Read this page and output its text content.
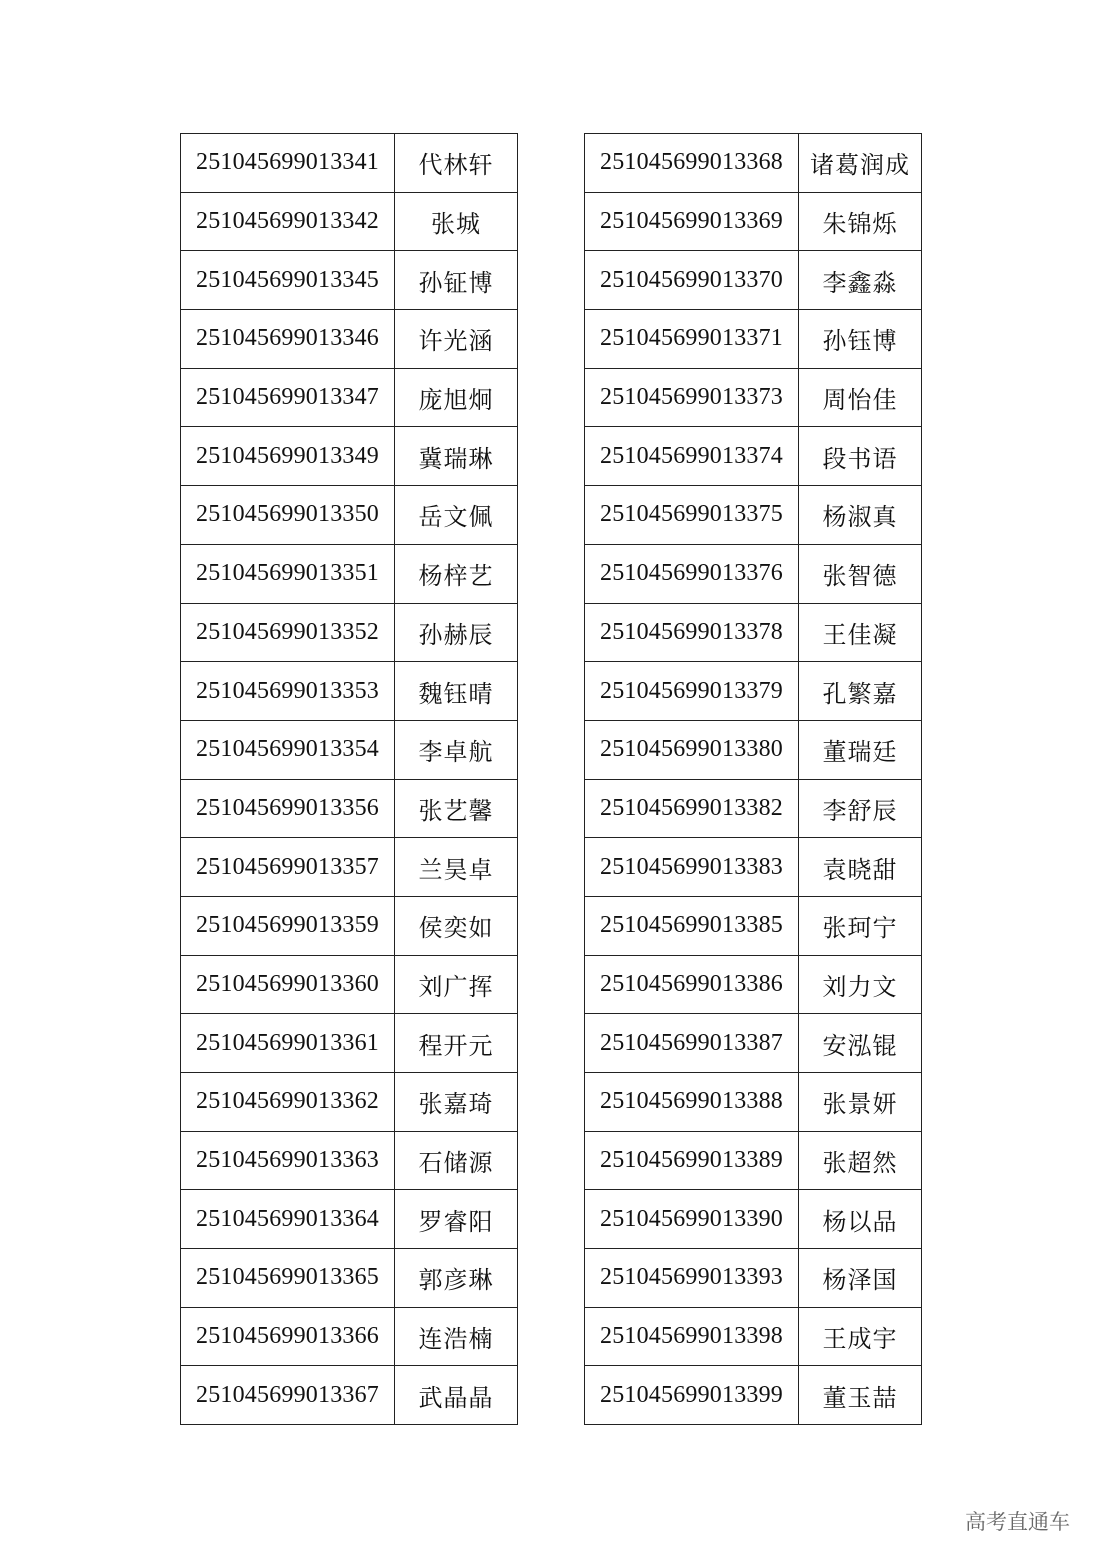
251045699013341	代林轩
251045699013342	张城
251045699013345	孙钲博
251045699013346	许光涵
251045699013347	庞旭炯
251045699013349	冀瑞琳
251045699013350	岳文佩
251045699013351	杨梓艺
251045699013352	孙赫辰
251045699013353	魏钰晴
251045699013354	李卓航
251045699013356	张艺馨
251045699013357	兰昊卓
251045699013359	侯奕如
251045699013360	刘广挥
251045699013361	程开元
251045699013362	张嘉琦
251045699013363	石储源
251045699013364	罗睿阳
251045699013365	郭彦琳
251045699013366	连浩楠
251045699013367	武晶晶
251045699013368	诸葛润成
251045699013369	朱锦烁
251045699013370	李鑫淼
251045699013371	孙钰博
251045699013373	周怡佳
251045699013374	段书语
251045699013375	杨淑真
251045699013376	张智德
251045699013378	王佳凝
251045699013379	孔繁嘉
251045699013380	董瑞廷
251045699013382	李舒辰
251045699013383	袁晓甜
251045699013385	张珂宁
251045699013386	刘力文
251045699013387	安泓锟
251045699013388	张景妍
251045699013389	张超然
251045699013390	杨以品
251045699013393	杨泽国
251045699013398	王成宇
251045699013399	董玉喆
高考直通车
